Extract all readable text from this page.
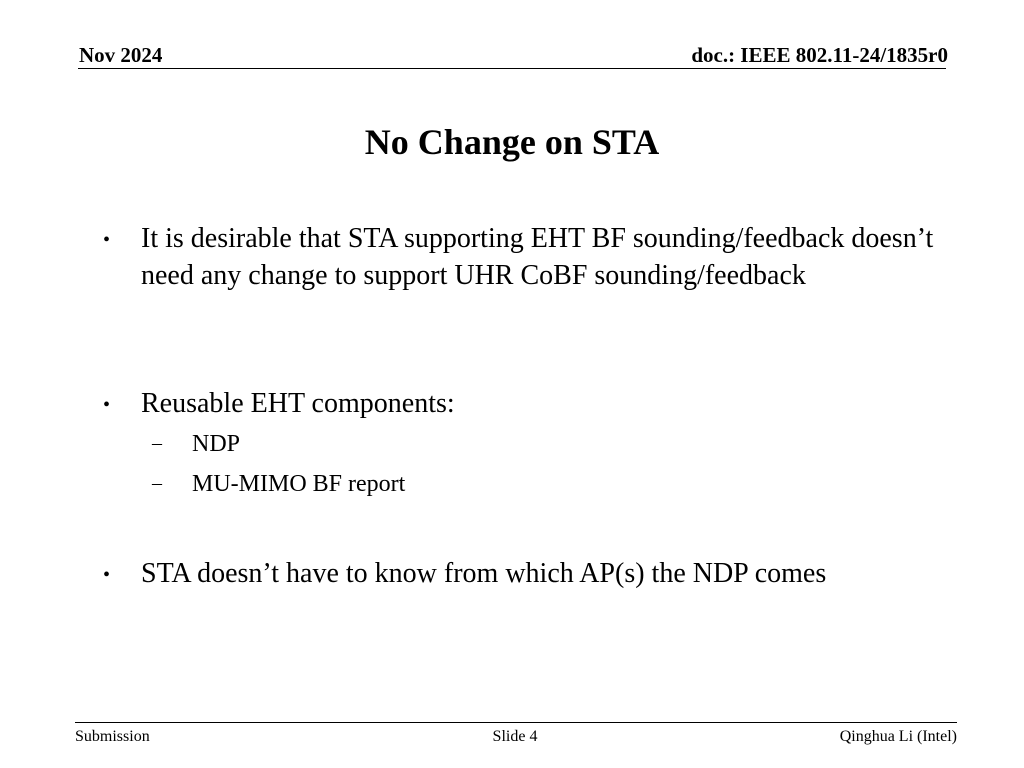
Nov 2024	doc.: IEEE 802.11-24/1835r0
No Change on STA
• It is desirable that STA supporting EHT BF sounding/feedback doesn’t need any change to support UHR CoBF sounding/feedback
• Reusable EHT components:
– NDP
– MU-MIMO BF report
• STA doesn’t have to know from which AP(s) the NDP comes
Submission	Slide 4	Qinghua Li (Intel)
